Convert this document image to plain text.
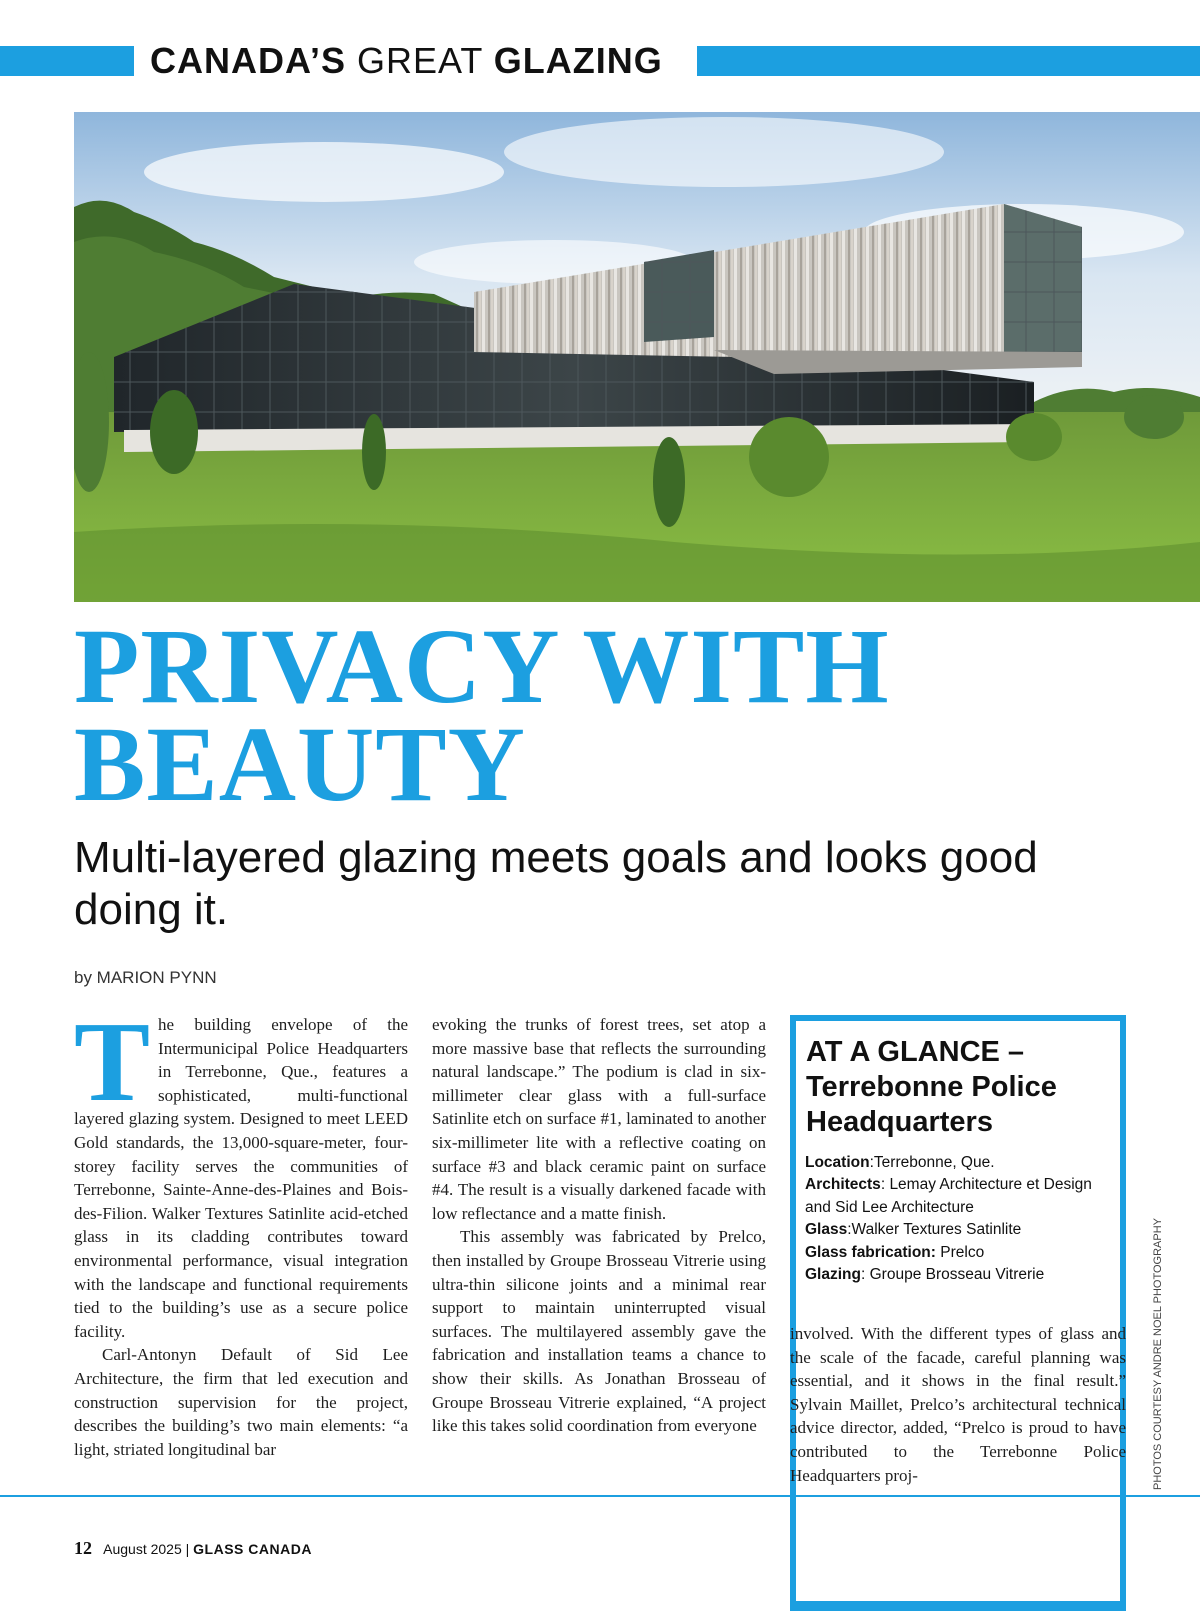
CANADA’S GREAT GLAZING
PRIVACY WITH
BEAUTY
Multi-layered glazing meets goals and looks good doing it.
by MARION PYNN
T he building envelope of the Intermunicipal Police Headquarters in Terrebonne, Que., features a sophisticated, multi-functional layered glazing system. Designed to meet LEED Gold standards, the 13,000-square-meter, four-storey facility serves the communities of Terrebonne, Sainte-Anne-des-Plaines and Bois-des-Filion. Walker Textures Satinlite acid-etched glass in its cladding contributes toward environmental performance, visual integration with the landscape and functional requirements tied to the building’s use as a secure police facility.

Carl-Antonyn Default of Sid Lee Architecture, the firm that led execution and construction supervision for the project, describes the building’s two main elements: “a light, striated longitudinal bar

evoking the trunks of forest trees, set atop a more massive base that reflects the surrounding natural landscape.” The podium is clad in six-millimeter clear glass with a full-surface Satinlite etch on surface #1, laminated to another six-millimeter lite with a reflective coating on surface #3 and black ceramic paint on surface #4. The result is a visually darkened facade with low reflectance and a matte finish.

This assembly was fabricated by Prelco, then installed by Groupe Brosseau Vitrerie using ultra-thin silicone joints and a minimal rear support to maintain uninterrupted visual surfaces. The multilayered assembly gave the fabrication and installation teams a chance to show their skills. As Jonathan Brosseau of Groupe Brosseau Vitrerie explained, “A project like this takes solid coordination from everyone

AT A GLANCE – Terrebonne Police Headquarters
Location:Terrebonne, Que.
Architects: Lemay Architecture et Design and Sid Lee Architecture
Glass:Walker Textures Satinlite
Glass fabrication: Prelco
Glazing: Groupe Brosseau Vitrerie

involved. With the different types of glass and the scale of the facade, careful planning was essential, and it shows in the final result.” Sylvain Maillet, Prelco’s architectural technical advice director, added, “Prelco is proud to have contributed to the Terrebonne Police Headquarters proj-	PHOTOS COURTESY ANDRE NOEL PHOTOGRAPHY
12 August 2025 | GLASS CANADA
